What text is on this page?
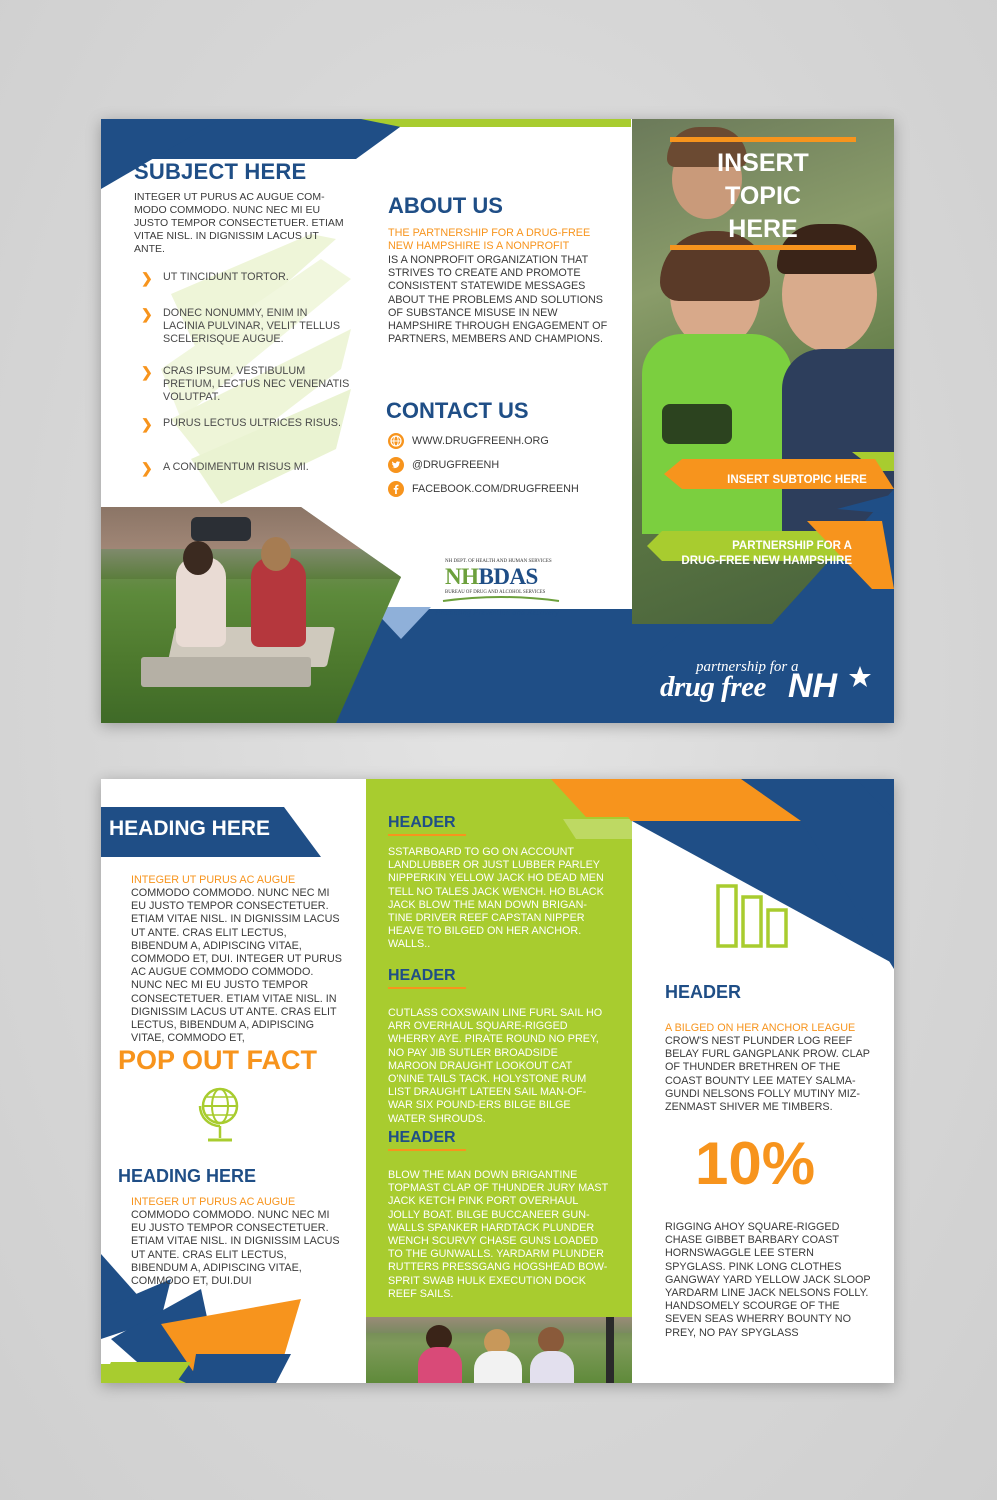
SUBJECT HERE
INTEGER UT PURUS AC AUGUE COM-MODO COMMODO. NUNC NEC MI EU JUSTO TEMPOR CONSECTETUER. ETIAM VITAE NISL. IN DIGNISSIM LACUS UT ANTE.
❯ UT TINCIDUNT TORTOR.
❯ DONEC NONUMMY, ENIM IN LACINIA PULVINAR, VELIT TELLUS SCELERISQUE AUGUE.
❯ CRAS IPSUM. VESTIBULUM PRETIUM, LECTUS NEC VENENATIS VOLUTPAT.
❯ PURUS LECTUS ULTRICES RISUS.
❯ A CONDIMENTUM RISUS MI.
ABOUT US
THE PARTNERSHIP FOR A DRUG-FREE NEW HAMPSHIRE IS A NONPROFIT
IS A NONPROFIT ORGANIZATION THAT STRIVES TO CREATE AND PROMOTE CONSISTENT STATEWIDE MESSAGES ABOUT THE PROBLEMS AND SOLUTIONS OF SUBSTANCE MISUSE IN NEW HAMPSHIRE THROUGH ENGAGEMENT OF PARTNERS, MEMBERS AND CHAMPIONS.
CONTACT US
WWW.DRUGFREENH.ORG
@DRUGFREENH
FACEBOOK.COM/DRUGFREENH
NH DEPT. OF HEALTH AND HUMAN SERVICES
NHBDAS
BUREAU OF DRUG AND ALCOHOL SERVICES
Promoting Prevention and Recovery
INSERT
TOPIC
HERE
INSERT SUBTOPIC HERE
PARTNERSHIP FOR A
DRUG-FREE NEW HAMPSHIRE
partnership for a
drug free NH
HEADING HERE
INTEGER UT PURUS AC AUGUE
COMMODO COMMODO. NUNC NEC MI EU JUSTO TEMPOR CONSECTETUER. ETIAM VITAE NISL. IN DIGNISSIM LACUS UT ANTE. CRAS ELIT LECTUS, BIBENDUM A, ADIPISCING VITAE, COMMODO ET, DUI. INTEGER UT PURUS AC AUGUE COMMODO COMMODO. NUNC NEC MI EU JUSTO TEMPOR CONSECTETUER. ETIAM VITAE NISL. IN DIGNISSIM LACUS UT ANTE. CRAS ELIT LECTUS, BIBENDUM A, ADIPISCING VITAE, COMMODO ET,
POP OUT FACT
HEADING HERE
INTEGER UT PURUS AC AUGUE
COMMODO COMMODO. NUNC NEC MI EU JUSTO TEMPOR CONSECTETUER. ETIAM VITAE NISL. IN DIGNISSIM LACUS UT ANTE. CRAS ELIT LECTUS, BIBENDUM A, ADIPISCING VITAE, COMMODO ET, DUI.DUI
HEADER
SSTARBOARD TO GO ON ACCOUNT LANDLUBBER OR JUST LUBBER PARLEY NIPPERKIN YELLOW JACK HO DEAD MEN TELL NO TALES JACK WENCH. HO BLACK JACK BLOW THE MAN DOWN BRIGAN-TINE DRIVER REEF CAPSTAN NIPPER HEAVE TO BILGED ON HER ANCHOR. WALLS..
HEADER
CUTLASS COXSWAIN LINE FURL SAIL HO ARR OVERHAUL SQUARE-RIGGED WHERRY AYE. PIRATE ROUND NO PREY, NO PAY JIB SUTLER BROADSIDE MAROON DRAUGHT LOOKOUT CAT O'NINE TAILS TACK. HOLYSTONE RUM LIST DRAUGHT LATEEN SAIL MAN-OF-WAR SIX POUND-ERS BILGE BILGE WATER SHROUDS.
HEADER
BLOW THE MAN DOWN BRIGANTINE TOPMAST CLAP OF THUNDER JURY MAST JACK KETCH PINK PORT OVERHAUL JOLLY BOAT. BILGE BUCCANEER GUN-WALLS SPANKER HARDTACK PLUNDER WENCH SCURVY CHASE GUNS LOADED TO THE GUNWALLS. YARDARM PLUNDER RUTTERS PRESSGANG HOGSHEAD BOW-SPRIT SWAB HULK EXECUTION DOCK REEF SAILS.
HEADER
A BILGED ON HER ANCHOR LEAGUE
CROW'S NEST PLUNDER LOG REEF BELAY FURL GANGPLANK PROW. CLAP OF THUNDER BRETHREN OF THE COAST BOUNTY LEE MATEY SALMA-GUNDI NELSONS FOLLY MUTINY MIZ-ZENMAST SHIVER ME TIMBERS.
10%
RIGGING AHOY SQUARE-RIGGED CHASE GIBBET BARBARY COAST HORNSWAGGLE LEE STERN SPYGLASS. PINK LONG CLOTHES GANGWAY YARD YELLOW JACK SLOOP YARDARM LINE JACK NELSONS FOLLY. HANDSOMELY SCOURGE OF THE SEVEN SEAS WHERRY BOUNTY NO PREY, NO PAY SPYGLASS
